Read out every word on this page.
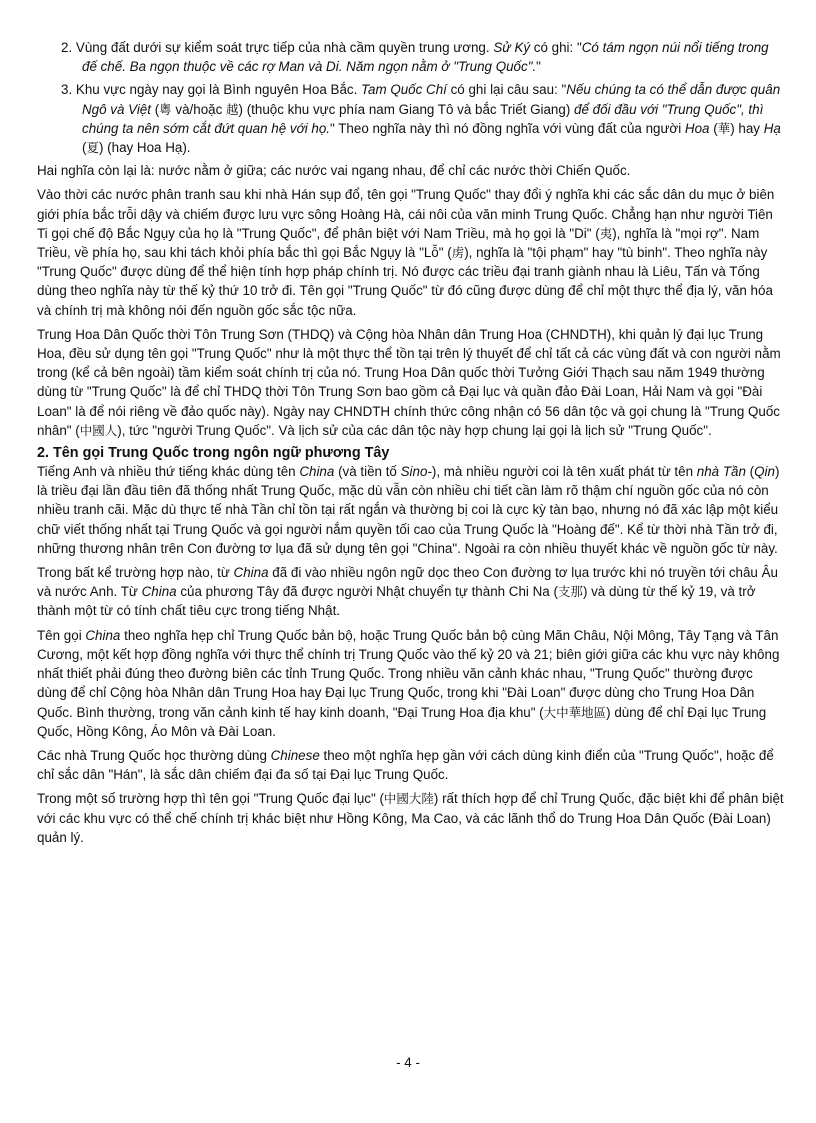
2. Vùng đất dưới sự kiểm soát trực tiếp của nhà cầm quyền trung ương. Sử Ký có ghi: "Có tám ngọn núi nổi tiếng trong đế chế. Ba ngọn thuộc về các rợ Man và Di. Năm ngọn nằm ở "Trung Quốc"."
3. Khu vực ngày nay gọi là Bình nguyên Hoa Bắc. Tam Quốc Chí có ghi lại câu sau: "Nếu chúng ta có thể dẫn được quân Ngô và Việt (粵 và/hoặc 越) (thuộc khu vực phía nam Giang Tô và bắc Triết Giang) để đối đầu với "Trung Quốc", thì chúng ta nên sớm cắt đứt quan hệ với họ." Theo nghĩa này thì nó đồng nghĩa với vùng đất của người Hoa (華) hay Hạ (夏) (hay Hoa Hạ).

Hai nghĩa còn lại là: nước nằm ở giữa; các nước vai ngang nhau, để chỉ các nước thời Chiến Quốc.

Vào thời các nước phân tranh sau khi nhà Hán sụp đổ, tên gọi "Trung Quốc" thay đổi ý nghĩa khi các sắc dân du mục ở biên giới phía bắc trỗi dậy và chiếm được lưu vực sông Hoàng Hà, cái nôi của văn minh Trung Quốc. Chẳng hạn như người Tiên Ti gọi chế độ Bắc Ngụy của họ là "Trung Quốc", để phân biệt với Nam Triều, mà họ gọi là "Di" (夷), nghĩa là "mọi rợ". Nam Triều, về phía họ, sau khi tách khỏi phía bắc thì gọi Bắc Ngụy là "Lỗ" (虏), nghĩa là "tội phạm" hay "tù binh". Theo nghĩa này "Trung Quốc" được dùng để thể hiện tính hợp pháp chính trị. Nó được các triều đại tranh giành nhau là Liêu, Tấn và Tống dùng theo nghĩa này từ thế kỷ thứ 10 trở đi. Tên gọi "Trung Quốc" từ đó cũng được dùng để chỉ một thực thể địa lý, văn hóa và chính trị mà không nói đến nguồn gốc sắc tộc nữa.

Trung Hoa Dân Quốc thời Tôn Trung Sơn (THDQ) và Cộng hòa Nhân dân Trung Hoa (CHNDTH), khi quản lý đại lục Trung Hoa, đều sử dụng tên gọi "Trung Quốc" như là một thực thể tồn tại trên lý thuyết để chỉ tất cả các vùng đất và con người nằm trong (kể cả bên ngoài) tầm kiểm soát chính trị của nó. Trung Hoa Dân quốc thời Tưởng Giới Thạch sau năm 1949 thường dùng từ "Trung Quốc" là để chỉ THDQ thời Tôn Trung Sơn bao gồm cả Đại lục và quần đảo Đài Loan, Hải Nam và gọi "Đài Loan" là để nói riêng về đảo quốc này). Ngày nay CHNDTH chính thức công nhận có 56 dân tộc và gọi chung là "Trung Quốc nhân" (中國人), tức "người Trung Quốc". Và lịch sử của các dân tộc này hợp chung lại gọi là lịch sử "Trung Quốc".

2. Tên gọi Trung Quốc trong ngôn ngữ phương Tây

Tiếng Anh và nhiều thứ tiếng khác dùng tên China (và tiền tố Sino-), mà nhiều người coi là tên xuất phát từ tên nhà Tần (Qin) là triều đại lần đầu tiên đã thống nhất Trung Quốc, mặc dù vẫn còn nhiều chi tiết cần làm rõ thậm chí nguồn gốc của nó còn nhiều tranh cãi. Mặc dù thực tế nhà Tần chỉ tồn tại rất ngắn và thường bị coi là cực kỳ tàn bạo, nhưng nó đã xác lập một kiểu chữ viết thống nhất tại Trung Quốc và gọi người nắm quyền tối cao của Trung Quốc là "Hoàng đế". Kể từ thời nhà Tần trở đi, những thương nhân trên Con đường tơ lụa đã sử dụng tên gọi "China". Ngoài ra còn nhiều thuyết khác về nguồn gốc từ này.

Trong bất kể trường hợp nào, từ China đã đi vào nhiều ngôn ngữ dọc theo Con đường tơ lụa trước khi nó truyền tới châu Âu và nước Anh. Từ China của phương Tây đã được người Nhật chuyển tự thành Chi Na (支那) và dùng từ thế kỷ 19, và trở thành một từ có tính chất tiêu cực trong tiếng Nhật.

Tên gọi China theo nghĩa hẹp chỉ Trung Quốc bản bộ, hoặc Trung Quốc bản bộ cùng Mãn Châu, Nội Mông, Tây Tạng và Tân Cương, một kết hợp đồng nghĩa với thực thể chính trị Trung Quốc vào thế kỷ 20 và 21; biên giới giữa các khu vực này không nhất thiết phải đúng theo đường biên các tỉnh Trung Quốc. Trong nhiều văn cảnh khác nhau, "Trung Quốc" thường được dùng để chỉ Cộng hòa Nhân dân Trung Hoa hay Đại lục Trung Quốc, trong khi "Đài Loan" được dùng cho Trung Hoa Dân Quốc. Bình thường, trong văn cảnh kinh tế hay kinh doanh, "Đại Trung Hoa địa khu" (大中華地區) dùng để chỉ Đại lục Trung Quốc, Hồng Kông, Áo Môn và Đài Loan.

Các nhà Trung Quốc học thường dùng Chinese theo một nghĩa hẹp gần với cách dùng kinh điển của "Trung Quốc", hoặc để chỉ sắc dân "Hán", là sắc dân chiếm đại đa số tại Đại lục Trung Quốc.

Trong một số trường hợp thì tên gọi "Trung Quốc đại lục" (中國大陸) rất thích hợp để chỉ Trung Quốc, đặc biệt khi để phân biệt với các khu vực có thể chế chính trị khác biệt như Hồng Kông, Ma Cao, và các lãnh thổ do Trung Hoa Dân Quốc (Đài Loan) quản lý.

- 4 -
